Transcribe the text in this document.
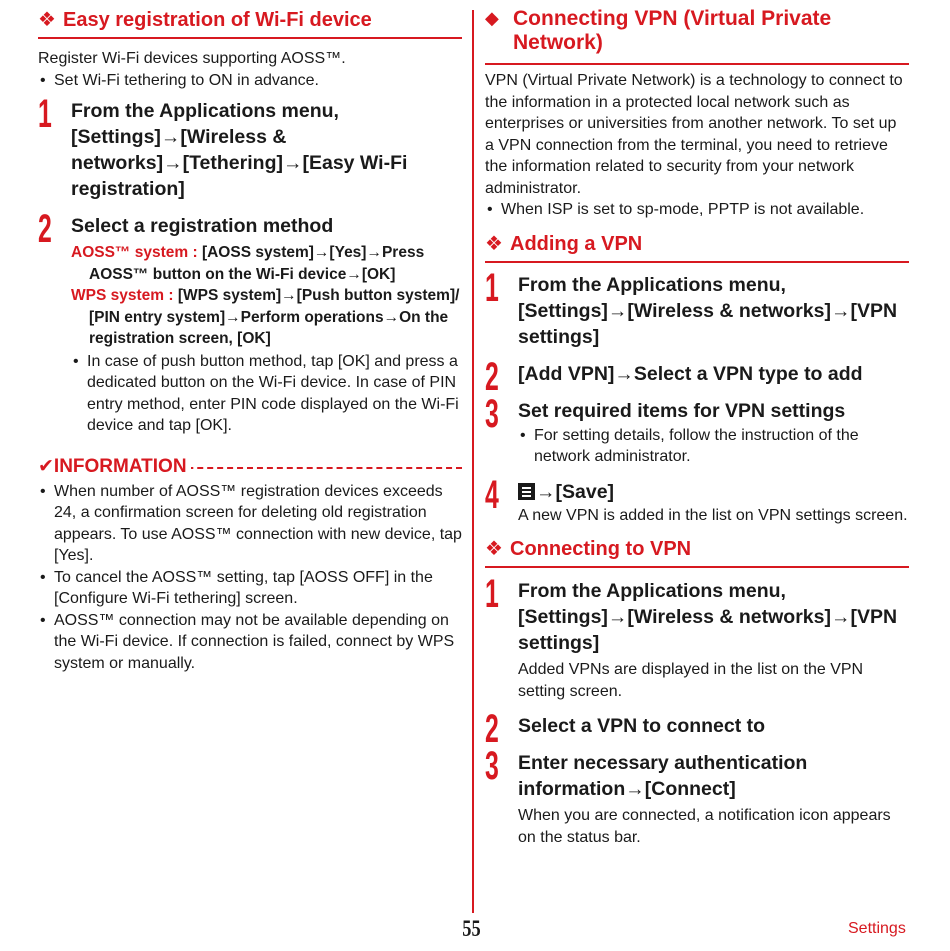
❖ Easy registration of Wi-Fi device

Register Wi-Fi devices supporting AOSS™.

• Set Wi-Fi tethering to ON in advance.
1 From the Applications menu, [Settings]→[Wireless & networks]→[Tethering]→[Easy Wi-Fi registration]
2 Select a registration method
AOSS™ system : [AOSS system]→[Yes]→Press
AOSS™ button on the Wi-Fi device→[OK]
WPS system : [WPS system]→[Push button system]/
[PIN entry system]→Perform operations→On the registration screen, [OK]
• In case of push button method, tap [OK] and press a dedicated button on the Wi-Fi device. In case of PIN entry method, enter PIN code displayed on the Wi-Fi device and tap [OK].
✔INFORMATION
• When number of AOSS™ registration devices exceeds 24, a confirmation screen for deleting old registration appears. To use AOSS™ connection with new device, tap [Yes].
• To cancel the AOSS™ setting, tap [AOSS OFF] in the [Configure Wi-Fi tethering] screen.
• AOSS™ connection may not be available depending on the Wi-Fi device. If connection is failed, connect by WPS system or manually.
◆ Connecting VPN (Virtual Private Network)

VPN (Virtual Private Network) is a technology to connect to the information in a protected local network such as enterprises or universities from another network. To set up a VPN connection from the terminal, you need to retrieve the information related to security from your network administrator.

• When ISP is set to sp-mode, PPTP is not available.
❖ Adding a VPN
1 From the Applications menu, [Settings]→[Wireless & networks]→[VPN settings]
2 [Add VPN]→Select a VPN type to add
3 Set required items for VPN settings
• For setting details, follow the instruction of the network administrator.
4	→[Save]

A new VPN is added in the list on VPN settings screen.

❖ Connecting to VPN
1 From the Applications menu, [Settings]→[Wireless & networks]→[VPN settings]

Added VPNs are displayed in the list on the VPN setting screen.

2 Select a VPN to connect to
3 Enter necessary authentication information→[Connect]

When you are connected, a notification icon appears on the status bar.

55	Settings
